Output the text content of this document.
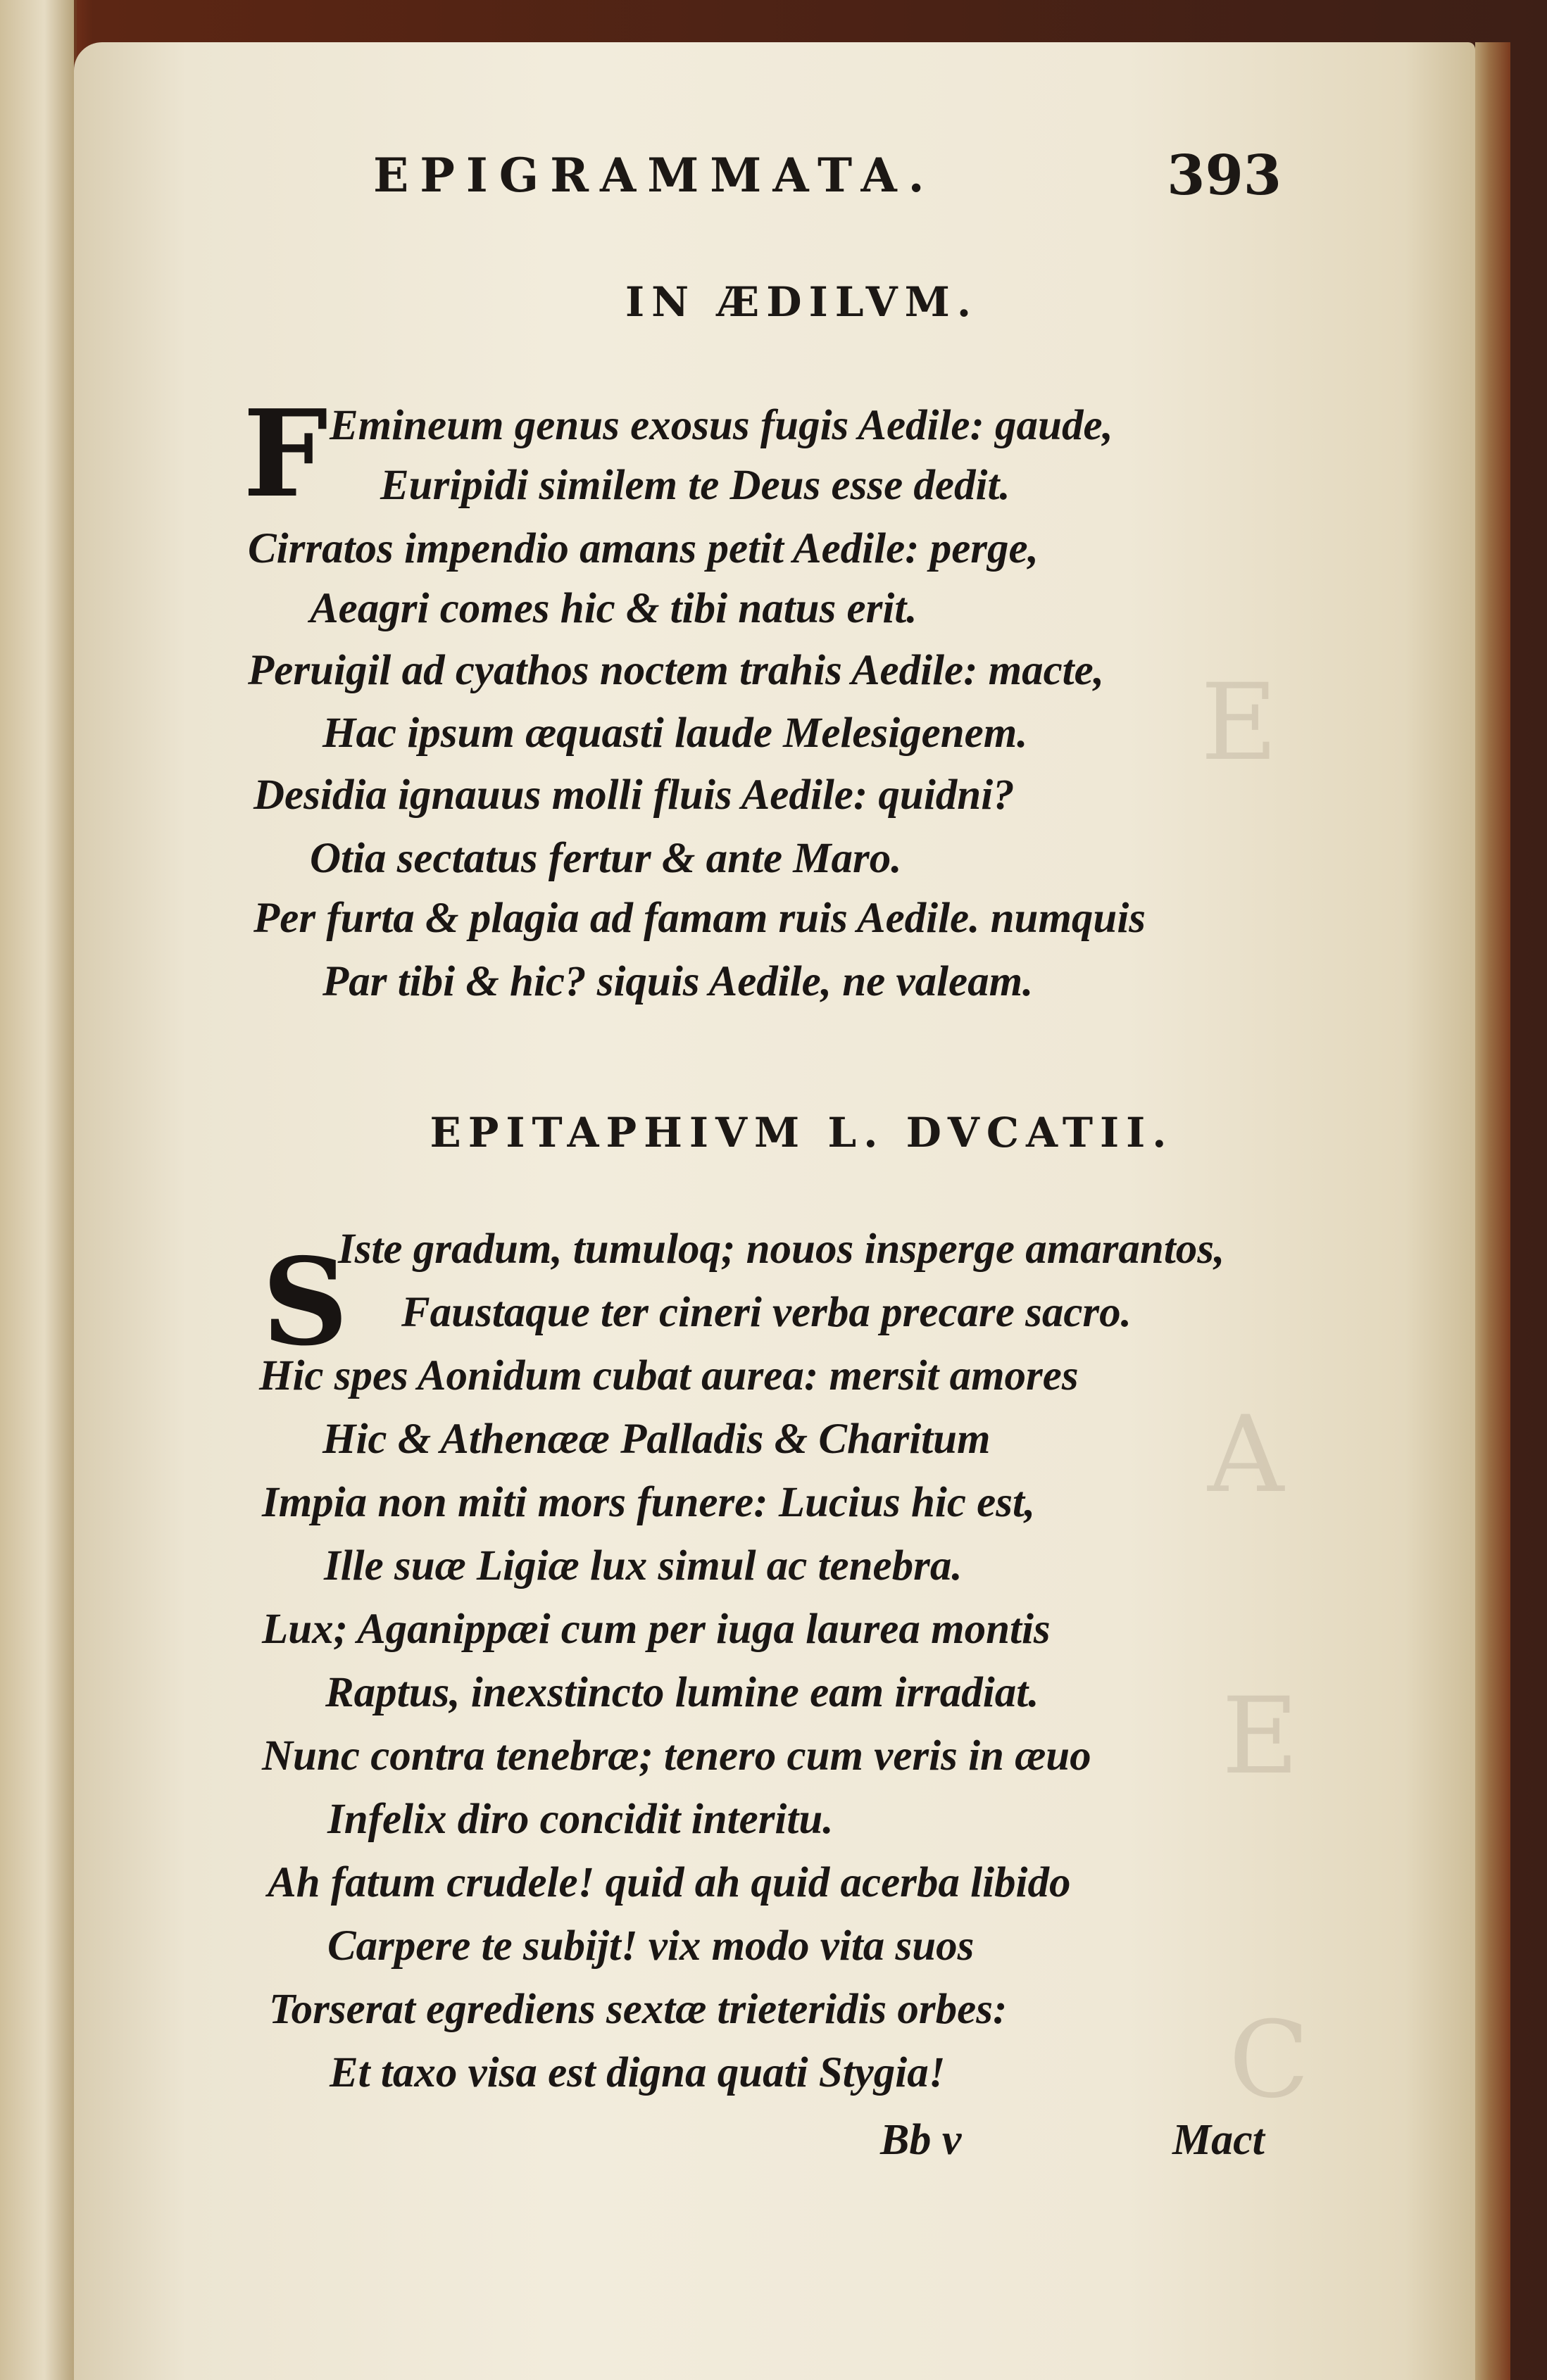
E
A
E
C
EPIGRAMMATA.	393
IN ÆDILVM.
F Emineum genus exosus fugis Aedile: gaude,
Euripidi similem te Deus esse dedit.
Cirratos impendio amans petit Aedile: perge,
Aeagri comes hic & tibi natus erit.
Peruigil ad cyathos noctem trahis Aedile: macte,
Hac ipsum æquasti laude Melesigenem.
Desidia ignauus molli fluis Aedile: quidni?
Otia sectatus fertur & ante Maro.
Per furta & plagia ad famam ruis Aedile. numquis
Par tibi & hic? siquis Aedile, ne valeam.
EPITAPHIVM L. DVCATII.
S
Iste gradum, tumuloq; nouos insperge amarantos,
Faustaque ter cineri verba precare sacro.
Hic spes Aonidum cubat aurea: mersit amores
Hic & Athenææ Palladis & Charitum
Impia non miti mors funere: Lucius hic est,
Ille suæ Ligiæ lux simul ac tenebra.
Lux; Aganippæi cum per iuga laurea montis
Raptus, inexstincto lumine eam irradiat.
Nunc contra tenebræ; tenero cum veris in æuo
Infelix diro concidit interitu.
Ah fatum crudele! quid ah quid acerba libido
Carpere te subijt! vix modo vita suos
Torserat egrediens sextæ trieteridis orbes:
Et taxo visa est digna quati Stygia!
Bb v	Mact
